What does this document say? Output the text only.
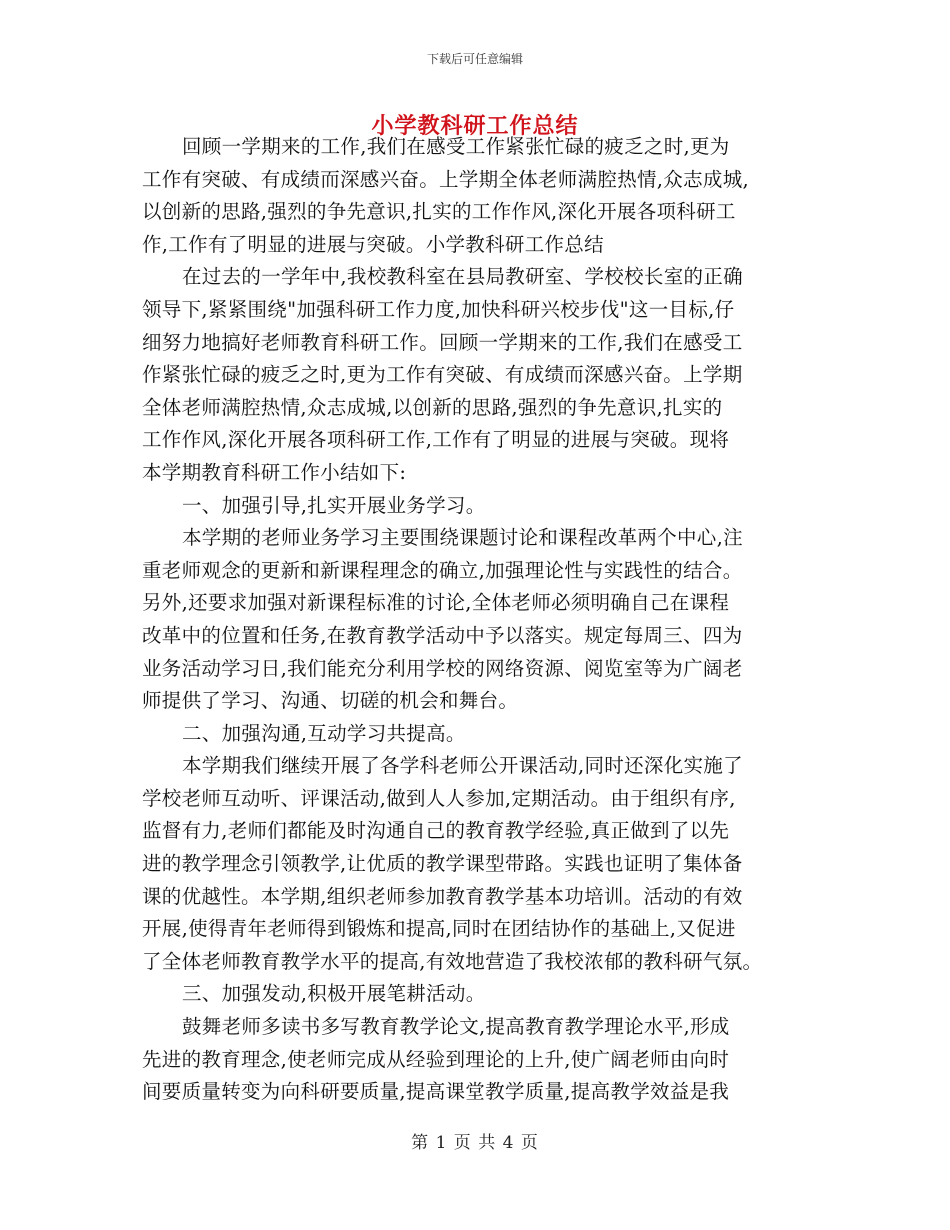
下载后可任意编辑
小学教科研工作总结

回顾一学期来的工作,我们在感受工作紧张忙碌的疲乏之时,更为
工作有突破、有成绩而深感兴奋。上学期全体老师满腔热情,众志成城,
以创新的思路,强烈的争先意识,扎实的工作作风,深化开展各项科研工
作,工作有了明显的进展与突破。小学教科研工作总结

在过去的一学年中,我校教科室在县局教研室、学校校长室的正确
领导下,紧紧围绕"加强科研工作力度,加快科研兴校步伐"这一目标,仔
细努力地搞好老师教育科研工作。回顾一学期来的工作,我们在感受工
作紧张忙碌的疲乏之时,更为工作有突破、有成绩而深感兴奋。上学期
全体老师满腔热情,众志成城,以创新的思路,强烈的争先意识,扎实的
工作作风,深化开展各项科研工作,工作有了明显的进展与突破。现将
本学期教育科研工作小结如下:

一、加强引导,扎实开展业务学习。

本学期的老师业务学习主要围绕课题讨论和课程改革两个中心,注
重老师观念的更新和新课程理念的确立,加强理论性与实践性的结合。
另外,还要求加强对新课程标准的讨论,全体老师必须明确自己在课程
改革中的位置和任务,在教育教学活动中予以落实。规定每周三、四为
业务活动学习日,我们能充分利用学校的网络资源、阅览室等为广阔老
师提供了学习、沟通、切磋的机会和舞台。

二、加强沟通,互动学习共提高。

本学期我们继续开展了各学科老师公开课活动,同时还深化实施了
学校老师互动听、评课活动,做到人人参加,定期活动。由于组织有序,
监督有力,老师们都能及时沟通自己的教育教学经验,真正做到了以先
进的教学理念引领教学,让优质的教学课型带路。实践也证明了集体备
课的优越性。本学期,组织老师参加教育教学基本功培训。活动的有效
开展,使得青年老师得到锻炼和提高,同时在团结协作的基础上,又促进
了全体老师教育教学水平的提高,有效地营造了我校浓郁的教科研气氛。

三、加强发动,积极开展笔耕活动。

鼓舞老师多读书多写教育教学论文,提高教育教学理论水平,形成
先进的教育理念,使老师完成从经验到理论的上升,使广阔老师由向时
间要质量转变为向科研要质量,提高课堂教学质量,提高教学效益是我

第 1 页 共 4 页
